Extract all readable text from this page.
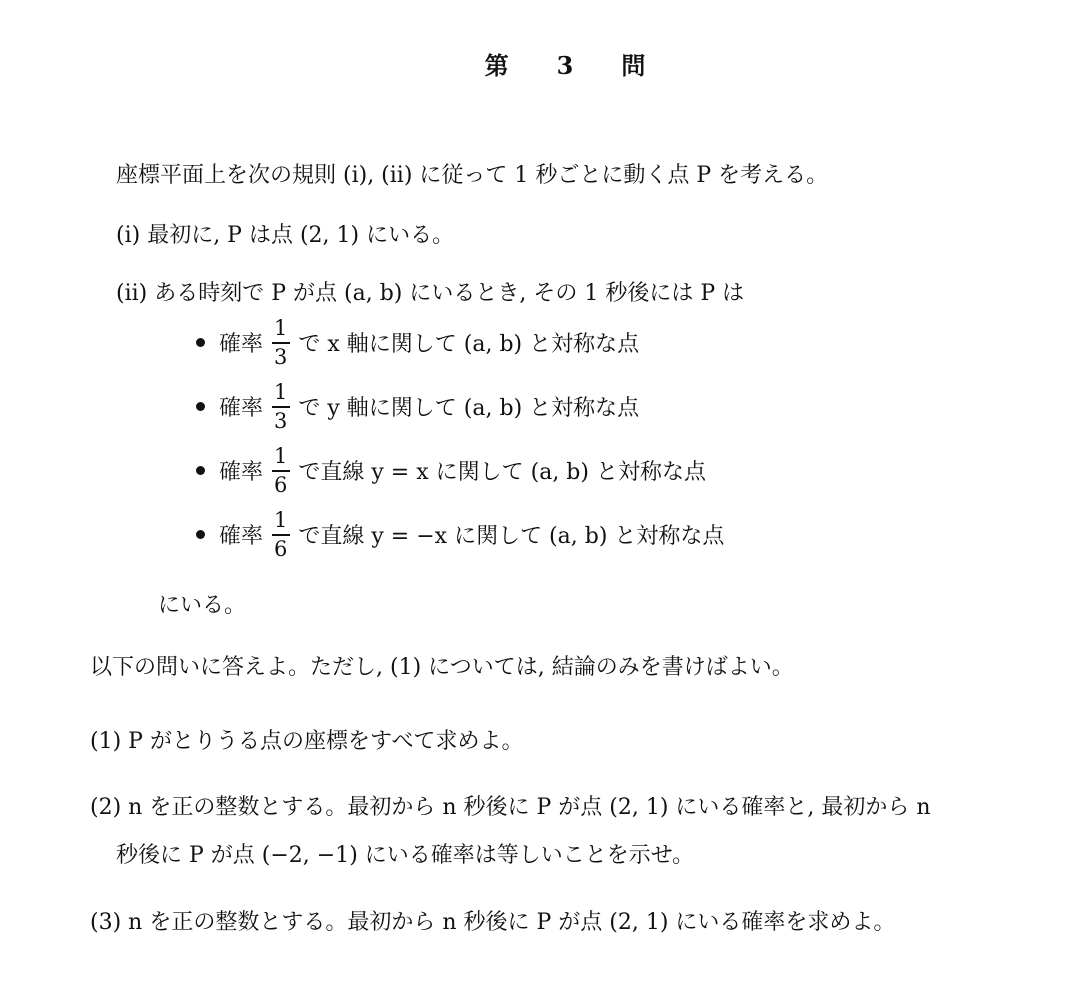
第 3 問
座標平面上を次の規則 (i), (ii) に従って 1 秒ごとに動く点 P を考える。
(i) 最初に, P は点 (2, 1) にいる。
(ii) ある時刻で P が点 (a, b) にいるとき, その 1 秒後には P は
確率 $\frac{1}{3}$ で x 軸に関して (a, b) と対称な点
確率 $\frac{1}{3}$ で y 軸に関して (a, b) と対称な点
確率 $\frac{1}{6}$ で直線 y = x に関して (a, b) と対称な点
確率 $\frac{1}{6}$ で直線 y = −x に関して (a, b) と対称な点
にいる。
以下の問いに答えよ。ただし, (1) については, 結論のみを書けばよい。
(1) P がとりうる点の座標をすべて求めよ。
(2) n を正の整数とする。最初から n 秒後に P が点 (2, 1) にいる確率と, 最初から n
秒後に P が点 (−2, −1) にいる確率は等しいことを示せ。
(3) n を正の整数とする。最初から n 秒後に P が点 (2, 1) にいる確率を求めよ。
